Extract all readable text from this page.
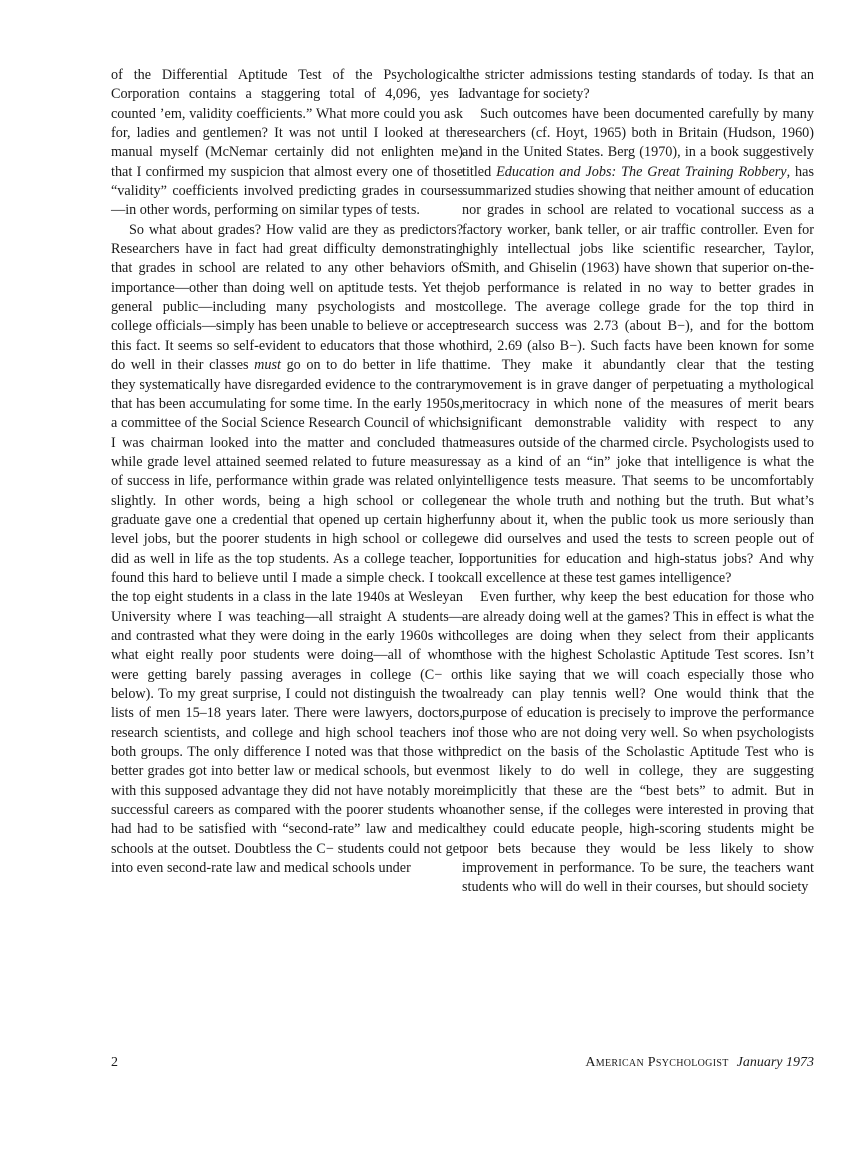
of the Differential Aptitude Test of the Psychological Corporation contains a staggering total of 4,096, yes I counted ’em, validity coefficients.” What more could you ask for, ladies and gentlemen? It was not until I looked at the manual myself (McNemar certainly did not enlighten me) that I confirmed my suspicion that almost every one of those “validity” coefficients involved predicting grades in courses—in other words, performing on similar types of tests.

So what about grades? How valid are they as predictors? Researchers have in fact had great difficulty demonstrating that grades in school are related to any other behaviors of importance—other than doing well on aptitude tests. Yet the general public—including many psychologists and most college officials—simply has been unable to believe or accept this fact. It seems so self-evident to educators that those who do well in their classes must go on to do better in life that they systematically have disregarded evidence to the contrary that has been accumulating for some time. In the early 1950s, a committee of the Social Science Research Council of which I was chairman looked into the matter and concluded that while grade level attained seemed related to future measures of success in life, performance within grade was related only slightly. In other words, being a high school or college graduate gave one a credential that opened up certain higher level jobs, but the poorer students in high school or college did as well in life as the top students. As a college teacher, I found this hard to believe until I made a simple check. I took the top eight students in a class in the late 1940s at Wesleyan University where I was teaching—all straight A students—and contrasted what they were doing in the early 1960s with what eight really poor students were doing—all of whom were getting barely passing averages in college (C− or below). To my great surprise, I could not distinguish the two lists of men 15–18 years later. There were lawyers, doctors, research scientists, and college and high school teachers in both groups. The only difference I noted was that those with better grades got into better law or medical schools, but even with this supposed advantage they did not have notably more successful careers as compared with the poorer students who had had to be satisfied with “second-rate” law and medical schools at the outset. Doubtless the C− students could not get into even second-rate law and medical schools under

the stricter admissions testing standards of today. Is that an advantage for society?

Such outcomes have been documented carefully by many researchers (cf. Hoyt, 1965) both in Britain (Hudson, 1960) and in the United States. Berg (1970), in a book suggestively titled Education and Jobs: The Great Training Robbery, has summarized studies showing that neither amount of education nor grades in school are related to vocational success as a factory worker, bank teller, or air traffic controller. Even for highly intellectual jobs like scientific researcher, Taylor, Smith, and Ghiselin (1963) have shown that superior on-the-job performance is related in no way to better grades in college. The average college grade for the top third in research success was 2.73 (about B−), and for the bottom third, 2.69 (also B−). Such facts have been known for some time. They make it abundantly clear that the testing movement is in grave danger of perpetuating a mythological meritocracy in which none of the measures of merit bears significant demonstrable validity with respect to any measures outside of the charmed circle. Psychologists used to say as a kind of an “in” joke that intelligence is what the intelligence tests measure. That seems to be uncomfortably near the whole truth and nothing but the truth. But what’s funny about it, when the public took us more seriously than we did ourselves and used the tests to screen people out of opportunities for education and high-status jobs? And why call excellence at these test games intelligence?

Even further, why keep the best education for those who are already doing well at the games? This in effect is what the colleges are doing when they select from their applicants those with the highest Scholastic Aptitude Test scores. Isn’t this like saying that we will coach especially those who already can play tennis well? One would think that the purpose of education is precisely to improve the performance of those who are not doing very well. So when psychologists predict on the basis of the Scholastic Aptitude Test who is most likely to do well in college, they are suggesting implicitly that these are the “best bets” to admit. But in another sense, if the colleges were interested in proving that they could educate people, high-scoring students might be poor bets because they would be less likely to show improvement in performance. To be sure, the teachers want students who will do well in their courses, but should society

2	American Psychologist January 1973
